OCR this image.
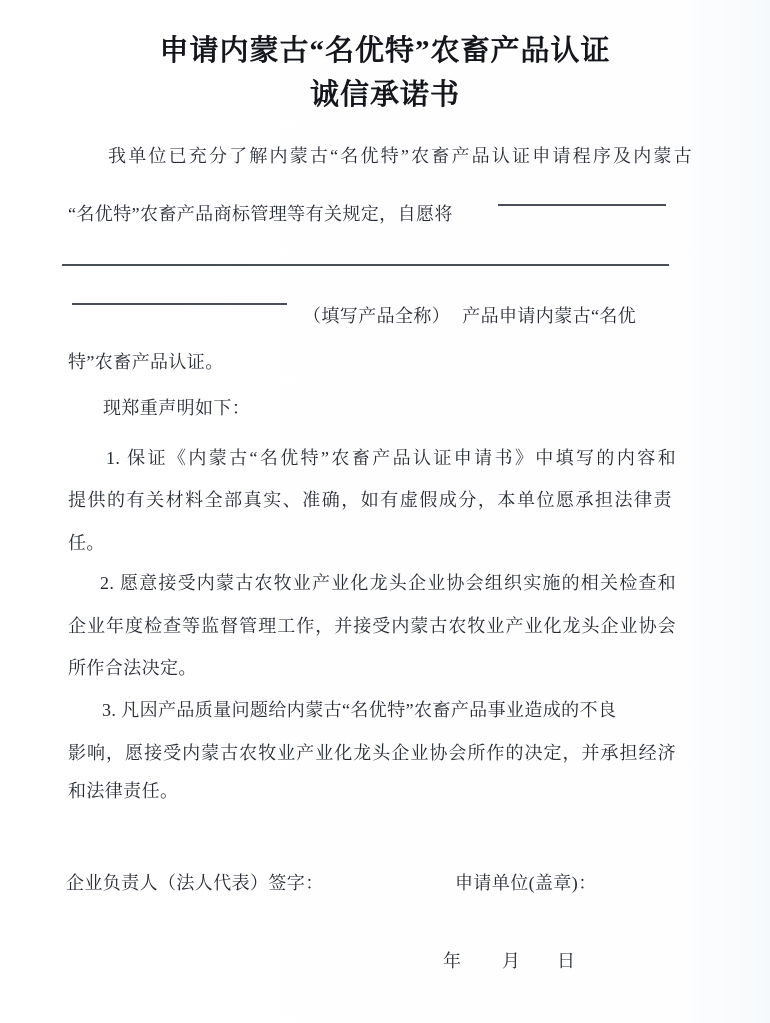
申请内蒙古“名优特”农畜产品认证
诚信承诺书
我单位已充分了解内蒙古“名优特”农畜产品认证申请程序及内蒙古
“名优特”农畜产品商标管理等有关规定，自愿将
（填写产品全称） 产品申请内蒙古“名优
特”农畜产品认证。
现郑重声明如下：
1. 保证《内蒙古“名优特”农畜产品认证申请书》中填写的内容和
提供的有关材料全部真实、准确，如有虚假成分，本单位愿承担法律责
任。
2. 愿意接受内蒙古农牧业产业化龙头企业协会组织实施的相关检查和
企业年度检查等监督管理工作，并接受内蒙古农牧业产业化龙头企业协会
所作合法决定。
3. 凡因产品质量问题给内蒙古“名优特”农畜产品事业造成的不良
影响，愿接受内蒙古农牧业产业化龙头企业协会所作的决定，并承担经济
和法律责任。
企业负责人（法人代表）签字：	申请单位(盖章)：
年 月 日
